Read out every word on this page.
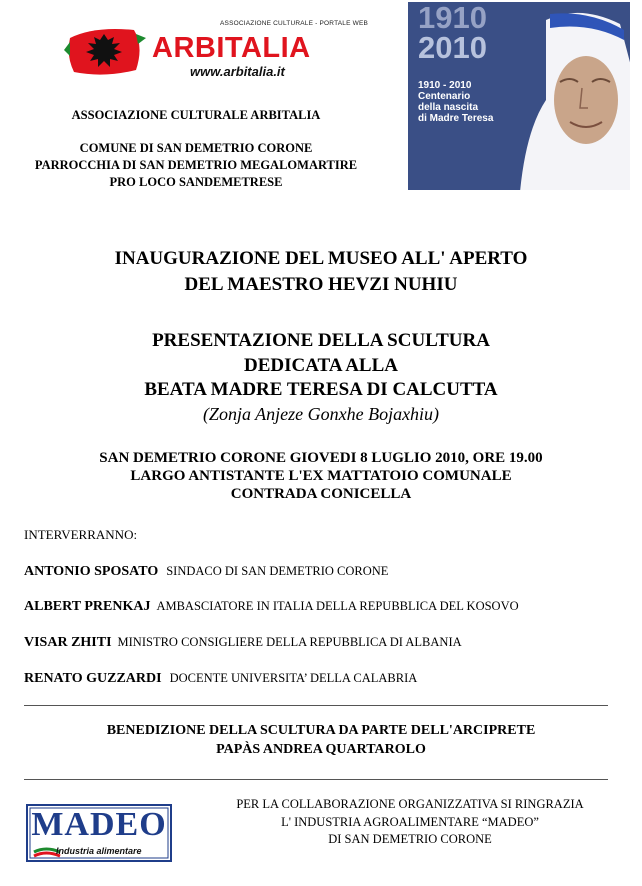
ASSOCIAZIONE CULTURALE - PORTALE WEB
ARBITALIA
www.arbitalia.it
1910
2010
1910 - 2010
Centenario
della nascita
di Madre Teresa
ASSOCIAZIONE CULTURALE ARBITALIA
COMUNE DI SAN DEMETRIO CORONE
PARROCCHIA DI SAN DEMETRIO MEGALOMARTIRE
PRO LOCO SANDEMETRESE
INAUGURAZIONE DEL MUSEO ALL' APERTO
DEL MAESTRO HEVZI NUHIU
PRESENTAZIONE DELLA SCULTURA
DEDICATA ALLA
BEATA MADRE TERESA DI CALCUTTA
(Zonja Anjeze Gonxhe Bojaxhiu)
SAN DEMETRIO CORONE GIOVEDI 8 LUGLIO 2010, ORE 19.00
LARGO ANTISTANTE L'EX MATTATOIO COMUNALE
CONTRADA CONICELLA
INTERVERRANNO:
ANTONIO SPOSATO SINDACO DI SAN DEMETRIO CORONE
ALBERT PRENKAJ AMBASCIATORE IN ITALIA DELLA REPUBBLICA DEL KOSOVO
VISAR ZHITI MINISTRO CONSIGLIERE DELLA REPUBBLICA DI ALBANIA
RENATO GUZZARDI DOCENTE UNIVERSITA’ DELLA CALABRIA
BENEDIZIONE DELLA SCULTURA DA PARTE DELL'ARCIPRETE
PAPÀS ANDREA QUARTAROLO
MADEO
Industria alimentare
PER LA COLLABORAZIONE ORGANIZZATIVA SI RINGRAZIA
L' INDUSTRIA AGROALIMENTARE “MADEO”
DI SAN DEMETRIO CORONE
